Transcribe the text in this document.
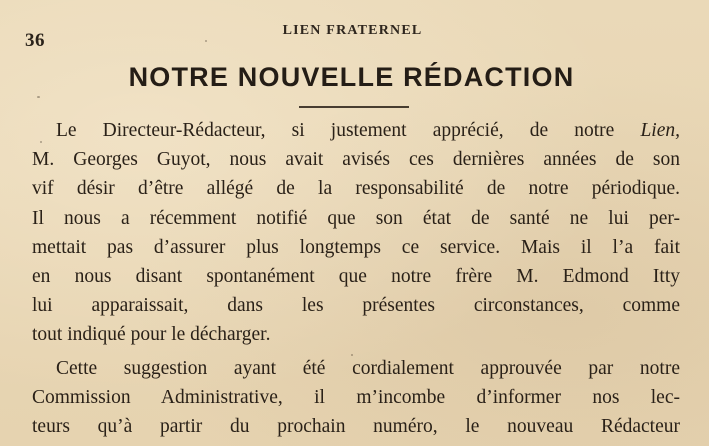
36	LIEN FRATERNEL
NOTRE NOUVELLE RÉDACTION
Le Directeur-Rédacteur, si justement apprécié, de notre Lien,
M. Georges Guyot, nous avait avisés ces dernières années de son
vif désir d’être allégé de la responsabilité de notre périodique.
Il nous a récemment notifié que son état de santé ne lui per-
mettait pas d’assurer plus longtemps ce service. Mais il l’a fait
en nous disant spontanément que notre frère M. Edmond Itty
lui apparaissait, dans les présentes circonstances, comme
tout indiqué pour le décharger.
Cette suggestion ayant été cordialement approuvée par notre
Commission Administrative, il m’incombe d’informer nos lec-
teurs qu’à partir du prochain numéro, le nouveau Rédacteur
